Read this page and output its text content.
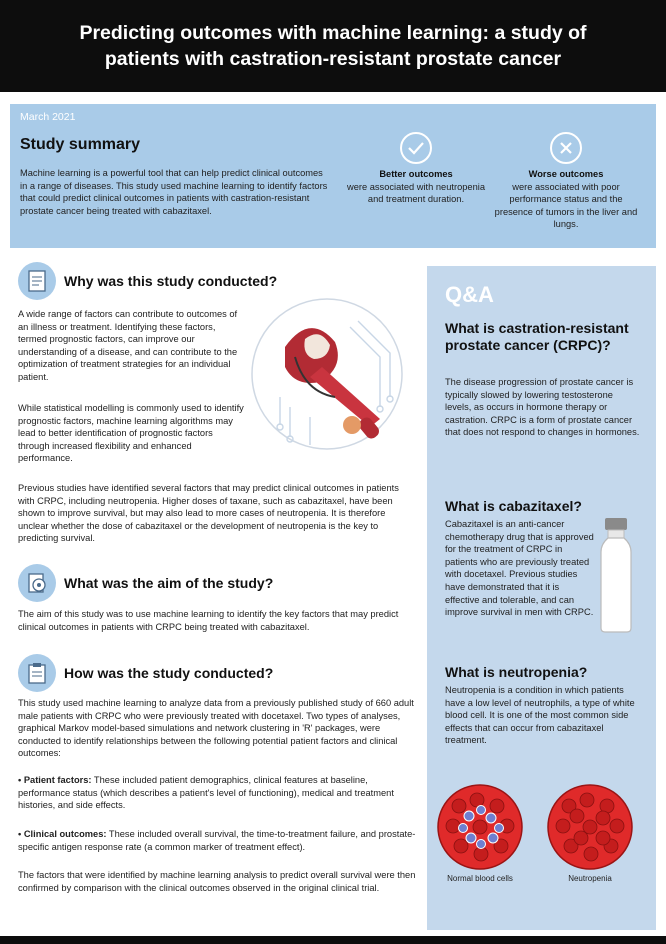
Predicting outcomes with machine learning: a study of patients with castration-resistant prostate cancer
March 2021
Study summary
Machine learning is a powerful tool that can help predict clinical outcomes in a range of diseases. This study used machine learning to identify factors that could predict clinical outcomes in patients with castration-resistant prostate cancer being treated with cabazitaxel.
Better outcomes
were associated with neutropenia and treatment duration.
Worse outcomes
were associated with poor performance status and the presence of tumors in the liver and lungs.
Why was this study conducted?
A wide range of factors can contribute to outcomes of an illness or treatment. Identifying these factors, termed prognostic factors, can improve our understanding of a disease, and can contribute to the optimization of treatment strategies for an individual patient.
While statistical modelling is commonly used to identify prognostic factors, machine learning algorithms may lead to better identification of prognostic factors through increased flexibility and enhanced performance.
Previous studies have identified several factors that may predict clinical outcomes in patients with CRPC, including neutropenia. Higher doses of taxane, such as cabazitaxel, have been shown to improve survival, but may also lead to more cases of neutropenia. It is therefore unclear whether the dose of cabazitaxel or the development of neutropenia is the key to predicting survival.
What was the aim of the study?
The aim of this study was to use machine learning to identify the key factors that may predict clinical outcomes in patients with CRPC being treated with cabazitaxel.
How was the study conducted?
This study used machine learning to analyze data from a previously published study of 660 adult male patients with CRPC who were previously treated with docetaxel. Two types of analyses, graphical Markov model-based simulations and network clustering in 'R' packages, were conducted to identify relationships between the following potential patient factors and clinical outcomes:
• Patient factors: These included patient demographics, clinical features at baseline, performance status (which describes a patient's level of functioning), medical and treatment histories, and side effects.
• Clinical outcomes: These included overall survival, the time-to-treatment failure, and prostate-specific antigen response rate (a common marker of treatment effect).
The factors that were identified by machine learning analysis to predict overall survival were then confirmed by comparison with the clinical outcomes observed in the original clinical trial.
Q&A
What is castration-resistant prostate cancer (CRPC)?
The disease progression of prostate cancer is typically slowed by lowering testosterone levels, as occurs in hormone therapy or castration. CRPC is a form of prostate cancer that does not respond to changes in hormones.
What is cabazitaxel?
Cabazitaxel is an anti-cancer chemotherapy drug that is approved for the treatment of CRPC in patients who are previously treated with docetaxel. Previous studies have demonstrated that it is effective and tolerable, and can improve survival in men with CRPC.
What is neutropenia?
Neutropenia is a condition in which patients have a low level of neutrophils, a type of white blood cell. It is one of the most common side effects that can occur from cabazitaxel treatment.
Normal blood cells	Neutropenia
